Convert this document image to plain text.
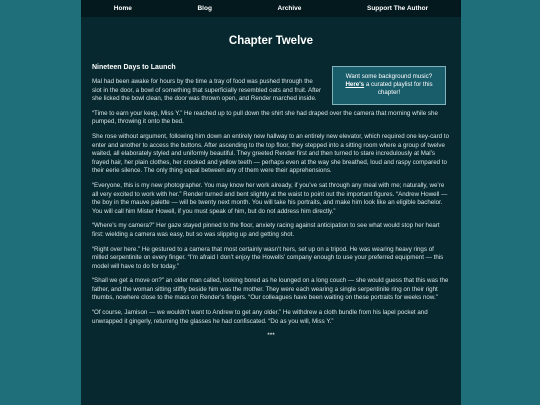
Home	Blog	Archive	Support The Author
Chapter Twelve
Nineteen Days to Launch
Want some background music?
Here's a curated playlist for this chapter!

Mal had been awake for hours by the time a tray of food was pushed through the slot in the door, a bowl of something that superficially resembled oats and fruit. After she licked the bowl clean, the door was thrown open, and Render marched inside.

“Time to earn your keep, Miss Y.” He reached up to pull down the shirt she had draped over the camera that morning while she pumped, throwing it onto the bed.

She rose without argument, following him down an entirely new hallway to an entirely new elevator, which required one key-card to enter and another to access the buttons. After ascending to the top floor, they stepped into a sitting room where a group of twelve waited, all elaborately styled and uniformly beautiful. They greeted Render first and then turned to stare incredulously at Mal’s frayed hair, her plain clothes, her crooked and yellow teeth — perhaps even at the way she breathed, loud and raspy compared to their eerie silence. The only thing equal between any of them were their apprehensions.

“Everyone, this is my new photographer. You may know her work already, if you’ve sat through any meal with me; naturally, we’re all very excited to work with her.” Render turned and bent slightly at the waist to point out the important figures. “Andrew Howell — the boy in the mauve palette — will be twenty next month. You will take his portraits, and make him look like an eligible bachelor. You will call him Mister Howell, if you must speak of him, but do not address him directly.”

“Where’s my camera?” Her gaze stayed pinned to the floor, anxiety racing against anticipation to see what would stop her heart first: wielding a camera was easy, but so was slipping up and getting shot.

“Right over here.” He gestured to a camera that most certainly wasn’t hers, set up on a tripod. He was wearing heavy rings of milled serpentinite on every finger. “I’m afraid I don’t enjoy the Howells’ company enough to use your preferred equipment — this model will have to do for today.”

“Shall we get a move on?” an older man called, looking bored as he lounged on a long couch — she would guess that this was the father, and the woman sitting stiffly beside him was the mother. They were each wearing a single serpentinite ring on their right thumbs, nowhere close to the mass on Render’s fingers. “Our colleagues have been waiting on these portraits for weeks now.”

“Of course, Jamison — we wouldn’t want to Andrew to get any older.” He withdrew a cloth bundle from his lapel pocket and unwrapped it gingerly, returning the glasses he had confiscated. “Do as you will, Miss Y.”

***
